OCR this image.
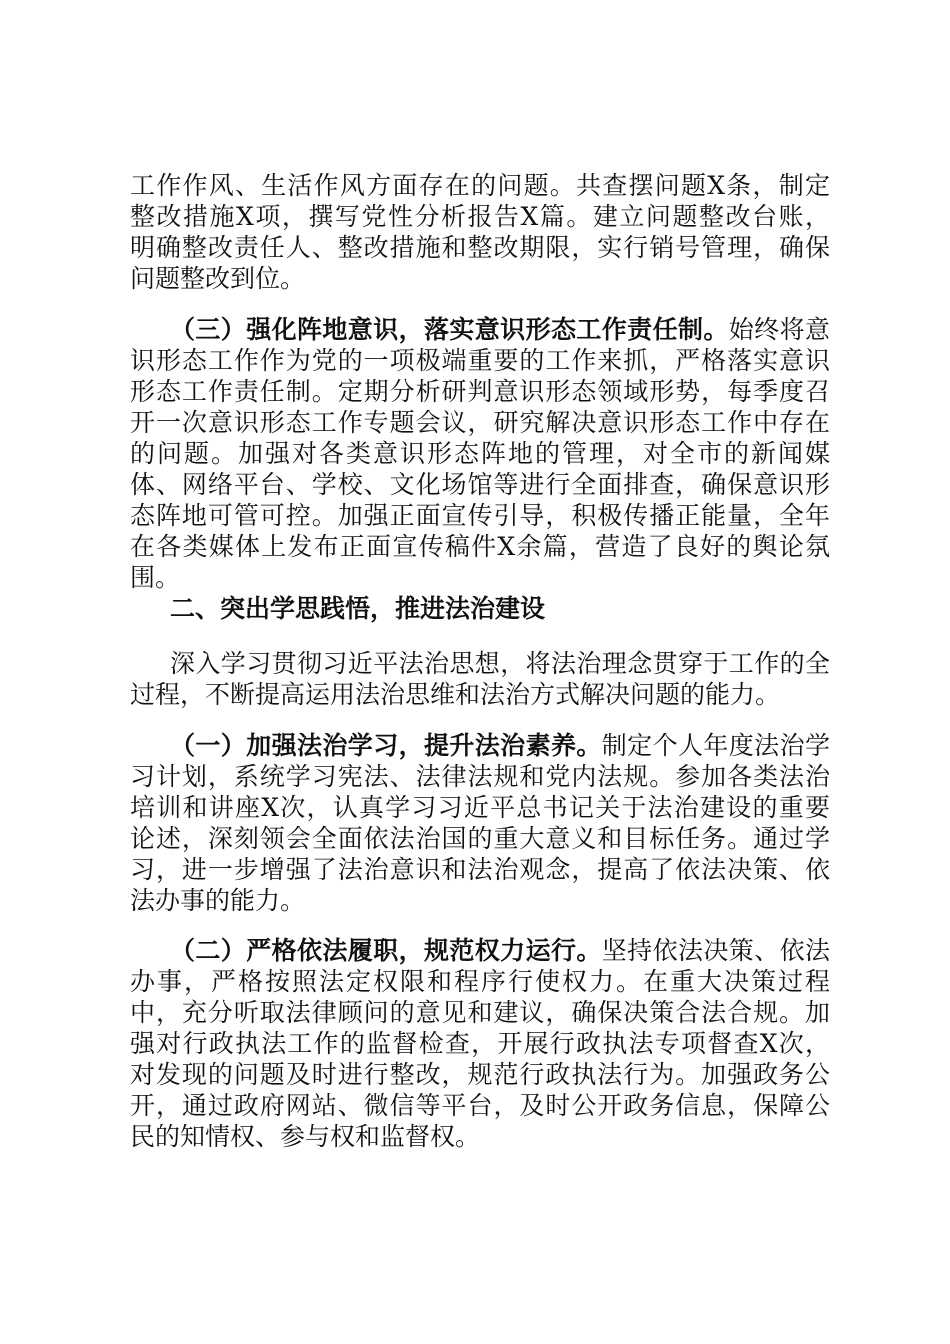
工作作风、生活作风方面存在的问题。共查摆问题X条，制定
整改措施X项，撰写党性分析报告X篇。建立问题整改台账，
明确整改责任人、整改措施和整改期限，实行销号管理，确保
问题整改到位。
（三）强化阵地意识，落实意识形态工作责任制。始终将意
识形态工作作为党的一项极端重要的工作来抓，严格落实意识
形态工作责任制。定期分析研判意识形态领域形势，每季度召
开一次意识形态工作专题会议，研究解决意识形态工作中存在
的问题。加强对各类意识形态阵地的管理，对全市的新闻媒
体、网络平台、学校、文化场馆等进行全面排查，确保意识形
态阵地可管可控。加强正面宣传引导，积极传播正能量，全年
在各类媒体上发布正面宣传稿件X余篇，营造了良好的舆论氛
围。
二、突出学思践悟，推进法治建设
深入学习贯彻习近平法治思想，将法治理念贯穿于工作的全
过程，不断提高运用法治思维和法治方式解决问题的能力。
（一）加强法治学习，提升法治素养。制定个人年度法治学
习计划，系统学习宪法、法律法规和党内法规。参加各类法治
培训和讲座X次，认真学习习近平总书记关于法治建设的重要
论述，深刻领会全面依法治国的重大意义和目标任务。通过学
习，进一步增强了法治意识和法治观念，提高了依法决策、依
法办事的能力。
（二）严格依法履职，规范权力运行。坚持依法决策、依法
办事，严格按照法定权限和程序行使权力。在重大决策过程
中，充分听取法律顾问的意见和建议，确保决策合法合规。加
强对行政执法工作的监督检查，开展行政执法专项督查X次，
对发现的问题及时进行整改，规范行政执法行为。加强政务公
开，通过政府网站、微信等平台，及时公开政务信息，保障公
民的知情权、参与权和监督权。
